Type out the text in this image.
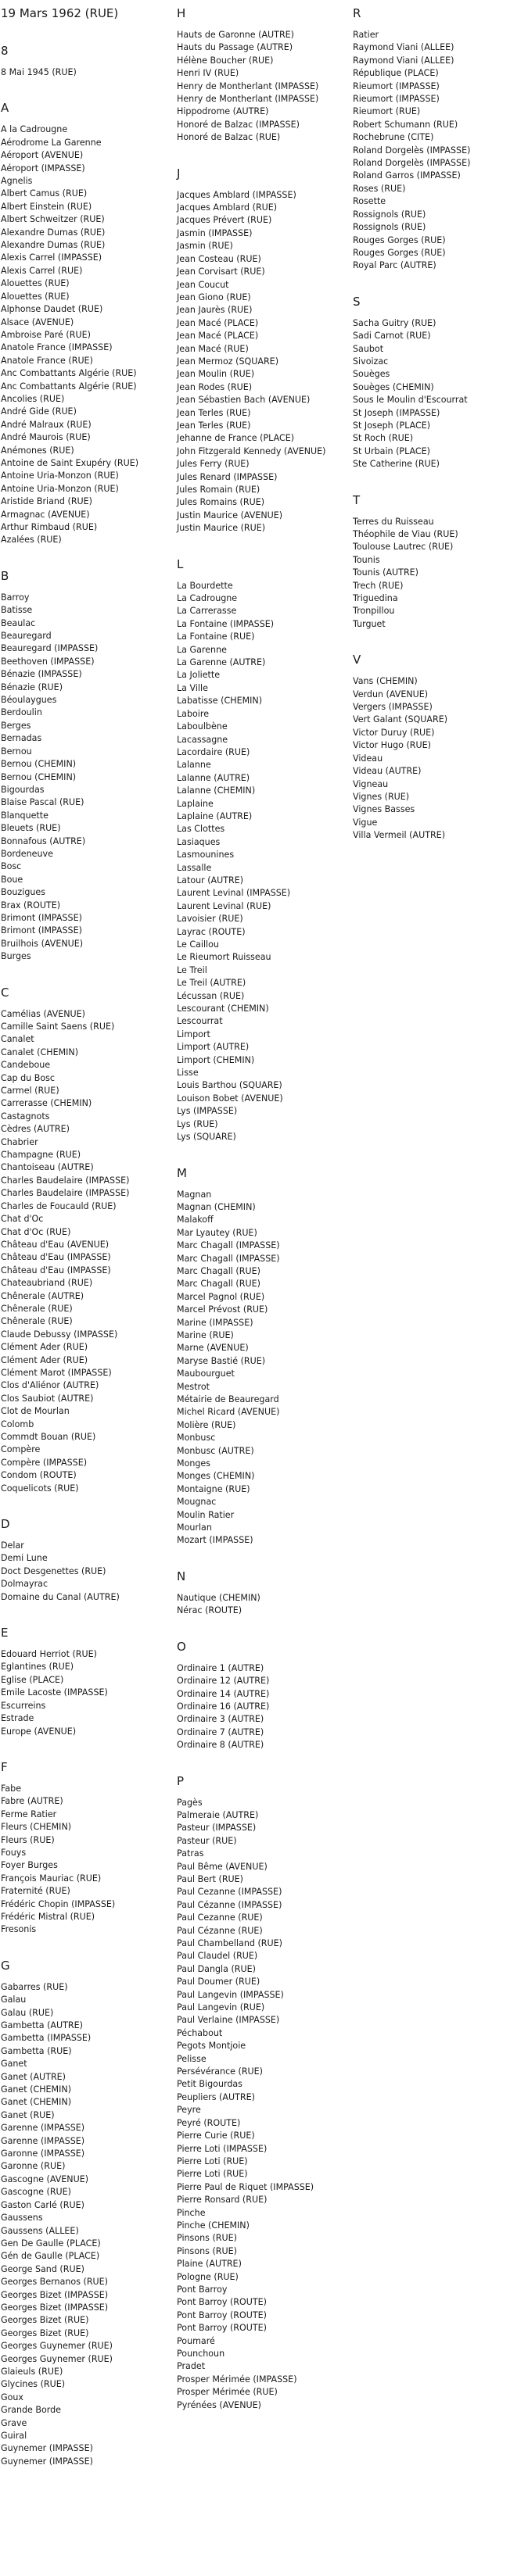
19 Mars 1962 (RUE)
8
8 Mai 1945 (RUE)
A
A la Cadrougne
Aérodrome La Garenne
Aéroport (AVENUE)
Aéroport (IMPASSE)
Agnelis
Albert Camus (RUE)
Albert Einstein (RUE)
Albert Schweitzer (RUE)
Alexandre Dumas (RUE)
Alexandre Dumas (RUE)
Alexis Carrel (IMPASSE)
Alexis Carrel (RUE)
Alouettes (RUE)
Alouettes (RUE)
Alphonse Daudet (RUE)
Alsace (AVENUE)
Ambroise Paré (RUE)
Anatole France (IMPASSE)
Anatole France (RUE)
Anc Combattants Algérie (RUE)
Anc Combattants Algérie (RUE)
Ancolies (RUE)
André Gide (RUE)
André Malraux (RUE)
André Maurois (RUE)
Anémones (RUE)
Antoine de Saint Exupéry (RUE)
Antoine Uria-Monzon (RUE)
Antoine Uria-Monzon (RUE)
Aristide Briand (RUE)
Armagnac (AVENUE)
Arthur Rimbaud (RUE)
Azalées (RUE)
B
Barroy
Batisse
Beaulac
Beauregard
Beauregard (IMPASSE)
Beethoven (IMPASSE)
Bénazie (IMPASSE)
Bénazie (RUE)
Béoulaygues
Berdoulin
Berges
Bernadas
Bernou
Bernou (CHEMIN)
Bernou (CHEMIN)
Bigourdas
Blaise Pascal (RUE)
Blanquette
Bleuets (RUE)
Bonnafous (AUTRE)
Bordeneuve
Bosc
Boue
Bouzigues
Brax (ROUTE)
Brimont (IMPASSE)
Brimont (IMPASSE)
Bruilhois (AVENUE)
Burges
C
Camélias (AVENUE)
Camille Saint Saens (RUE)
Canalet
Canalet (CHEMIN)
Candeboue
Cap du Bosc
Carmel (RUE)
Carrerasse (CHEMIN)
Castagnots
Cèdres (AUTRE)
Chabrier
Champagne (RUE)
Chantoiseau (AUTRE)
Charles Baudelaire (IMPASSE)
Charles Baudelaire (IMPASSE)
Charles de Foucauld (RUE)
Chat d'Oc
Chat d'Oc (RUE)
Château d'Eau (AVENUE)
Château d'Eau (IMPASSE)
Château d'Eau (IMPASSE)
Chateaubriand (RUE)
Chênerale (AUTRE)
Chênerale (RUE)
Chênerale (RUE)
Claude Debussy (IMPASSE)
Clément Ader (RUE)
Clément Ader (RUE)
Clément Marot (IMPASSE)
Clos d'Aliénor (AUTRE)
Clos Saubiot (AUTRE)
Clot de Mourlan
Colomb
Commdt Bouan (RUE)
Compère
Compère (IMPASSE)
Condom (ROUTE)
Coquelicots (RUE)
D
Delar
Demi Lune
Doct Desgenettes (RUE)
Dolmayrac
Domaine du Canal (AUTRE)
E
Edouard Herriot (RUE)
Eglantines (RUE)
Eglise (PLACE)
Emile Lacoste (IMPASSE)
Escurreins
Estrade
Europe (AVENUE)
F
Fabe
Fabre (AUTRE)
Ferme Ratier
Fleurs (CHEMIN)
Fleurs (RUE)
Fouys
Foyer Burges
François Mauriac (RUE)
Fraternité (RUE)
Frédéric Chopin (IMPASSE)
Frédéric Mistral (RUE)
Fresonis
G
Gabarres (RUE)
Galau
Galau (RUE)
Gambetta (AUTRE)
Gambetta (IMPASSE)
Gambetta (RUE)
Ganet
Ganet (AUTRE)
Ganet (CHEMIN)
Ganet (CHEMIN)
Ganet (RUE)
Garenne (IMPASSE)
Garenne (IMPASSE)
Garonne (IMPASSE)
Garonne (RUE)
Gascogne (AVENUE)
Gascogne (RUE)
Gaston Carlé (RUE)
Gaussens
Gaussens (ALLEE)
Gen De Gaulle (PLACE)
Gén de Gaulle (PLACE)
George Sand (RUE)
Georges Bernanos (RUE)
Georges Bizet (IMPASSE)
Georges Bizet (IMPASSE)
Georges Bizet (RUE)
Georges Bizet (RUE)
Georges Guynemer (RUE)
Georges Guynemer (RUE)
Glaieuls (RUE)
Glycines (RUE)
Goux
Grande Borde
Grave
Guiral
Guynemer (IMPASSE)
Guynemer (IMPASSE)
H
Hauts de Garonne (AUTRE)
Hauts du Passage (AUTRE)
Hélène Boucher (RUE)
Henri IV (RUE)
Henry de Montherlant (IMPASSE)
Henry de Montherlant (IMPASSE)
Hippodrome (AUTRE)
Honoré de Balzac (IMPASSE)
Honoré de Balzac (RUE)
J
Jacques Amblard (IMPASSE)
Jacques Amblard (RUE)
Jacques Prévert (RUE)
Jasmin (IMPASSE)
Jasmin (RUE)
Jean Costeau (RUE)
Jean Corvisart (RUE)
Jean Coucut
Jean Giono (RUE)
Jean Jaurès (RUE)
Jean Macé (PLACE)
Jean Macé (PLACE)
Jean Macé (RUE)
Jean Mermoz (SQUARE)
Jean Moulin (RUE)
Jean Rodes (RUE)
Jean Sébastien Bach (AVENUE)
Jean Terles (RUE)
Jean Terles (RUE)
Jehanne de France (PLACE)
John Fitzgerald Kennedy (AVENUE)
Jules Ferry (RUE)
Jules Renard (IMPASSE)
Jules Romain (RUE)
Jules Romains (RUE)
Justin Maurice (AVENUE)
Justin Maurice (RUE)
L
La Bourdette
La Cadrougne
La Carrerasse
La Fontaine (IMPASSE)
La Fontaine (RUE)
La Garenne
La Garenne (AUTRE)
La Joliette
La Ville
Labatisse (CHEMIN)
Laboire
Laboulbène
Lacassagne
Lacordaire (RUE)
Lalanne
Lalanne (AUTRE)
Lalanne (CHEMIN)
Laplaine
Laplaine (AUTRE)
Las Clottes
Lasiaques
Lasmounines
Lassalle
Latour (AUTRE)
Laurent Levinal (IMPASSE)
Laurent Levinal (RUE)
Lavoisier (RUE)
Layrac (ROUTE)
Le Caillou
Le Rieumort Ruisseau
Le Treil
Le Treil (AUTRE)
Lécussan (RUE)
Lescourant (CHEMIN)
Lescourrat
Limport
Limport (AUTRE)
Limport (CHEMIN)
Lisse
Louis Barthou (SQUARE)
Louison Bobet (AVENUE)
Lys (IMPASSE)
Lys (RUE)
Lys (SQUARE)
M
Magnan
Magnan (CHEMIN)
Malakoff
Mar Lyautey (RUE)
Marc Chagall (IMPASSE)
Marc Chagall (IMPASSE)
Marc Chagall (RUE)
Marc Chagall (RUE)
Marcel Pagnol (RUE)
Marcel Prévost (RUE)
Marine (IMPASSE)
Marine (RUE)
Marne (AVENUE)
Maryse Bastié (RUE)
Maubourguet
Mestrot
Métairie de Beauregard
Michel Ricard (AVENUE)
Molière (RUE)
Monbusc
Monbusc (AUTRE)
Monges
Monges (CHEMIN)
Montaigne (RUE)
Mougnac
Moulin Ratier
Mourlan
Mozart (IMPASSE)
N
Nautique (CHEMIN)
Nérac (ROUTE)
O
Ordinaire 1 (AUTRE)
Ordinaire 12 (AUTRE)
Ordinaire 14 (AUTRE)
Ordinaire 16 (AUTRE)
Ordinaire 3 (AUTRE)
Ordinaire 7 (AUTRE)
Ordinaire 8 (AUTRE)
P
Pagès
Palmeraie (AUTRE)
Pasteur (IMPASSE)
Pasteur (RUE)
Patras
Paul Bême (AVENUE)
Paul Bert (RUE)
Paul Cezanne (IMPASSE)
Paul Cézanne (IMPASSE)
Paul Cezanne (RUE)
Paul Cézanne (RUE)
Paul Chambelland (RUE)
Paul Claudel (RUE)
Paul Dangla (RUE)
Paul Doumer (RUE)
Paul Langevin (IMPASSE)
Paul Langevin (RUE)
Paul Verlaine (IMPASSE)
Péchabout
Pegots Montjoie
Pelisse
Persévérance (RUE)
Petit Bigourdas
Peupliers (AUTRE)
Peyre
Peyré (ROUTE)
Pierre Curie (RUE)
Pierre Loti (IMPASSE)
Pierre Loti (RUE)
Pierre Loti (RUE)
Pierre Paul de Riquet (IMPASSE)
Pierre Ronsard (RUE)
Pinche
Pinche (CHEMIN)
Pinsons (RUE)
Pinsons (RUE)
Plaine (AUTRE)
Pologne (RUE)
Pont Barroy
Pont Barroy (ROUTE)
Pont Barroy (ROUTE)
Pont Barroy (ROUTE)
Poumaré
Pounchoun
Pradet
Prosper Mérimée (IMPASSE)
Prosper Mérimée (RUE)
Pyrénées (AVENUE)
R
Ratier
Raymond Viani (ALLEE)
Raymond Viani (ALLEE)
République (PLACE)
Rieumort (IMPASSE)
Rieumort (IMPASSE)
Rieumort (RUE)
Robert Schumann (RUE)
Rochebrune (CITE)
Roland Dorgelès (IMPASSE)
Roland Dorgelès (IMPASSE)
Roland Garros (IMPASSE)
Roses (RUE)
Rosette
Rossignols (RUE)
Rossignols (RUE)
Rouges Gorges (RUE)
Rouges Gorges (RUE)
Royal Parc (AUTRE)
S
Sacha Guitry (RUE)
Sadi Carnot (RUE)
Saubot
Sivoizac
Souèges
Souèges (CHEMIN)
Sous le Moulin d'Escourrat
St Joseph (IMPASSE)
St Joseph (PLACE)
St Roch (RUE)
St Urbain (PLACE)
Ste Catherine (RUE)
T
Terres du Ruisseau
Théophile de Viau (RUE)
Toulouse Lautrec (RUE)
Tounis
Tounis (AUTRE)
Trech (RUE)
Triguedina
Tronpillou
Turguet
V
Vans (CHEMIN)
Verdun (AVENUE)
Vergers (IMPASSE)
Vert Galant (SQUARE)
Victor Duruy (RUE)
Victor Hugo (RUE)
Videau
Videau (AUTRE)
Vigneau
Vignes (RUE)
Vignes Basses
Vigue
Villa Vermeil (AUTRE)
